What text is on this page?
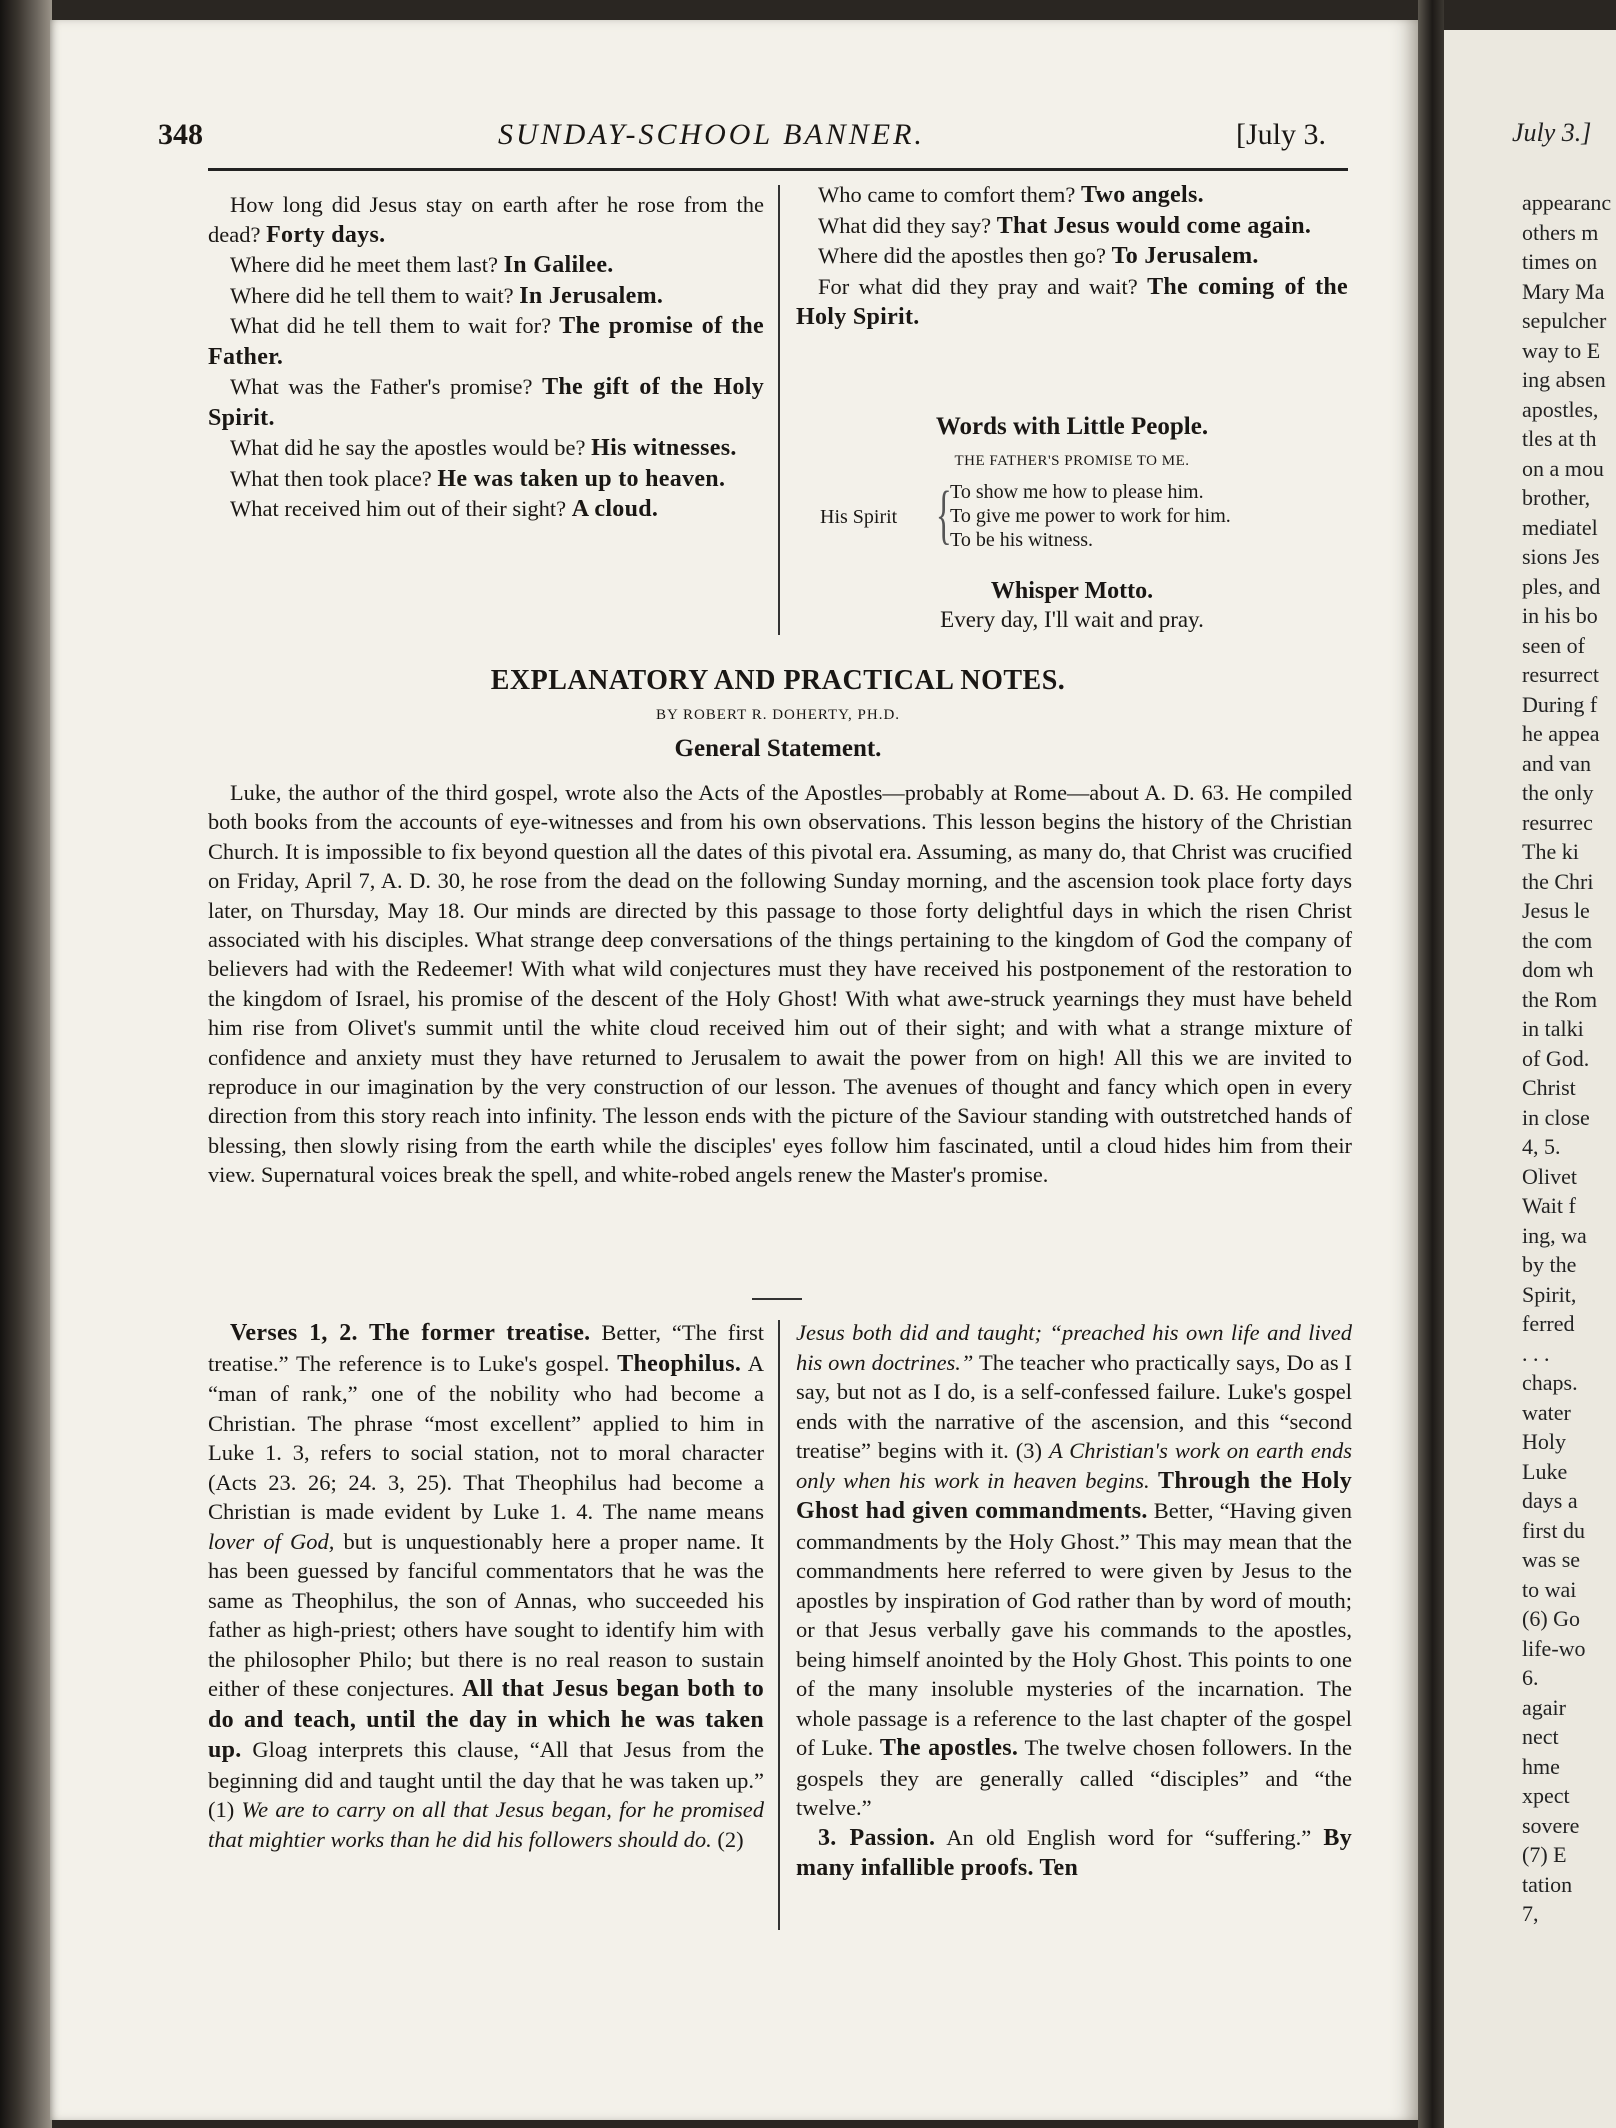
348	SUNDAY-SCHOOL BANNER.	[July 3.

How long did Jesus stay on earth after he rose from the dead? Forty days.

Where did he meet them last? In Galilee.

Where did he tell them to wait? In Jerusalem.

What did he tell them to wait for? The promise of the Father.

What was the Father's promise? The gift of the Holy Spirit.

What did he say the apostles would be? His witnesses.

What then took place? He was taken up to heaven.

What received him out of their sight? A cloud.

Who came to comfort them? Two angels.

What did they say? That Jesus would come again.

Where did the apostles then go? To Jerusalem.

For what did they pray and wait? The coming of the Holy Spirit.

Words with Little People.
THE FATHER'S PROMISE TO ME.
His Spirit {
To show me how to please him.
To give me power to work for him.
To be his witness.
Whisper Motto.
Every day, I'll wait and pray.
EXPLANATORY AND PRACTICAL NOTES.
BY ROBERT R. DOHERTY, PH.D.
General Statement.

Luke, the author of the third gospel, wrote also the Acts of the Apostles—probably at Rome—about A. D. 63. He compiled both books from the accounts of eye-witnesses and from his own observations. This lesson begins the history of the Christian Church. It is impossible to fix beyond question all the dates of this pivotal era. Assuming, as many do, that Christ was crucified on Friday, April 7, A. D. 30, he rose from the dead on the following Sunday morning, and the ascension took place forty days later, on Thursday, May 18. Our minds are directed by this passage to those forty delightful days in which the risen Christ associated with his disciples. What strange deep conversations of the things pertaining to the kingdom of God the company of believers had with the Redeemer! With what wild conjectures must they have received his postponement of the restoration to the kingdom of Israel, his promise of the descent of the Holy Ghost! With what awe-struck yearnings they must have beheld him rise from Olivet's summit until the white cloud received him out of their sight; and with what a strange mixture of confidence and anxiety must they have returned to Jerusalem to await the power from on high! All this we are invited to reproduce in our imagination by the very construction of our lesson. The avenues of thought and fancy which open in every direction from this story reach into infinity. The lesson ends with the picture of the Saviour standing with outstretched hands of blessing, then slowly rising from the earth while the disciples' eyes follow him fascinated, until a cloud hides him from their view. Supernatural voices break the spell, and white-robed angels renew the Master's promise.

Verses 1, 2. The former treatise. Better, “The first treatise.” The reference is to Luke's gospel. Theophilus. A “man of rank,” one of the nobility who had become a Christian. The phrase “most excellent” applied to him in Luke 1. 3, refers to social station, not to moral character (Acts 23. 26; 24. 3, 25). That Theophilus had become a Christian is made evident by Luke 1. 4. The name means lover of God, but is unquestionably here a proper name. It has been guessed by fanciful commentators that he was the same as Theophilus, the son of Annas, who succeeded his father as high-priest; others have sought to identify him with the philosopher Philo; but there is no real reason to sustain either of these conjectures. All that Jesus began both to do and teach, until the day in which he was taken up. Gloag interprets this clause, “All that Jesus from the beginning did and taught until the day that he was taken up.” (1) We are to carry on all that Jesus began, for he promised that mightier works than he did his followers should do. (2)

Jesus both did and taught; “preached his own life and lived his own doctrines.” The teacher who practically says, Do as I say, but not as I do, is a self-confessed failure. Luke's gospel ends with the narrative of the ascension, and this “second treatise” begins with it. (3) A Christian's work on earth ends only when his work in heaven begins. Through the Holy Ghost had given commandments. Better, “Having given commandments by the Holy Ghost.” This may mean that the commandments here referred to were given by Jesus to the apostles by inspiration of God rather than by word of mouth; or that Jesus verbally gave his commands to the apostles, being himself anointed by the Holy Ghost. This points to one of the many insoluble mysteries of the incarnation. The whole passage is a reference to the last chapter of the gospel of Luke. The apostles. The twelve chosen followers. In the gospels they are generally called “disciples” and “the twelve.”

3. Passion. An old English word for “suffering.” By many infallible proofs. Ten

July 3.]
appearanc
others m
times on
Mary Ma
sepulcher
way to E
ing absen
apostles,
tles at th
on a mou
brother,
mediatel
sions Jes
ples, and
in his bo
seen of
resurrect
During f
he appea
and van
the only
resurrec
The ki
the Chri
Jesus le
the com
dom wh
the Rom
in talki
of God.
Christ
in close
4, 5.
Olivet
Wait f
ing, wa
by the
Spirit,
ferred
. . .
chaps.
water
Holy
Luke
days a
first du
was se
to wai
(6) Go
life-wo
6.
agair
nect
hme
xpect
sovere
(7) E
tation
7,
